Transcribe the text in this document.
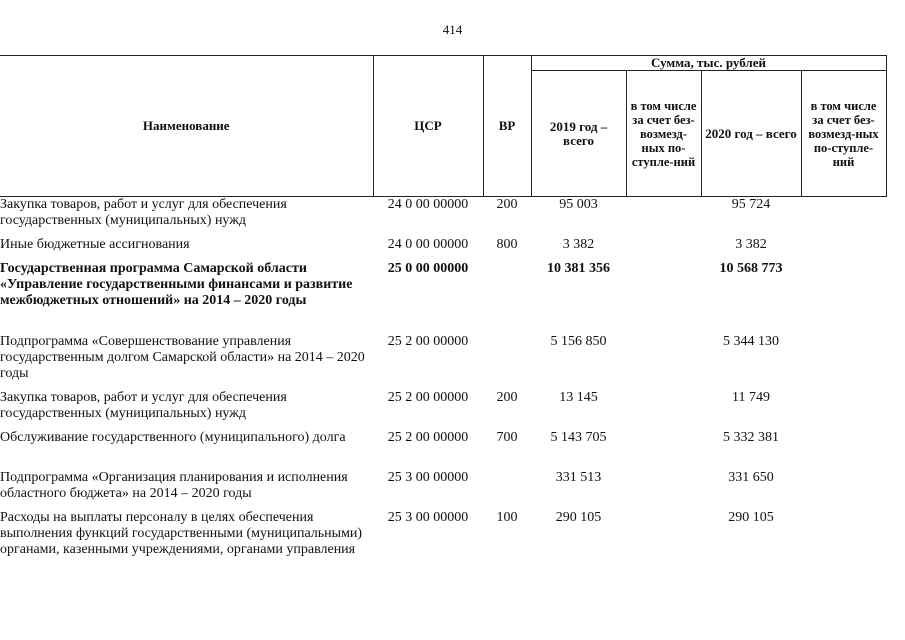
414
Наименование	ЦСР	ВР	Сумма, тыс. рублей			
			2019 год – всего	в том числе за счет без-возмезд-ных по-ступле-ний	2020 год – всего	в том числе за счет без-возмезд-ных по-ступле-ний
Закупка товаров, работ и услуг для обеспечения государственных (муниципальных) нужд	24 0 00 00000	200	95 003		95 724	
Иные бюджетные ассигнования	24 0 00 00000	800	3 382		3 382	
Государственная программа Самарской области «Управление государственными финансами и развитие межбюджетных отношений» на 2014 – 2020 годы	25 0 00 00000		10 381 356		10 568 773	
Подпрограмма «Совершенствование управления государственным долгом Самарской области» на 2014 – 2020 годы	25 2 00 00000		5 156 850		5 344 130	
Закупка товаров, работ и услуг для обеспечения государственных (муниципальных) нужд	25 2 00 00000	200	13 145		11 749	
Обслуживание государственного (муниципального) долга	25 2 00 00000	700	5 143 705		5 332 381	
Подпрограмма «Организация планирования и исполнения областного бюджета» на 2014 – 2020 годы	25 3 00 00000		331 513		331 650	
Расходы на выплаты персоналу в целях обеспечения выполнения функций государственными (муниципальными) органами, казенными учреждениями, органами управления	25 3 00 00000	100	290 105		290 105	
